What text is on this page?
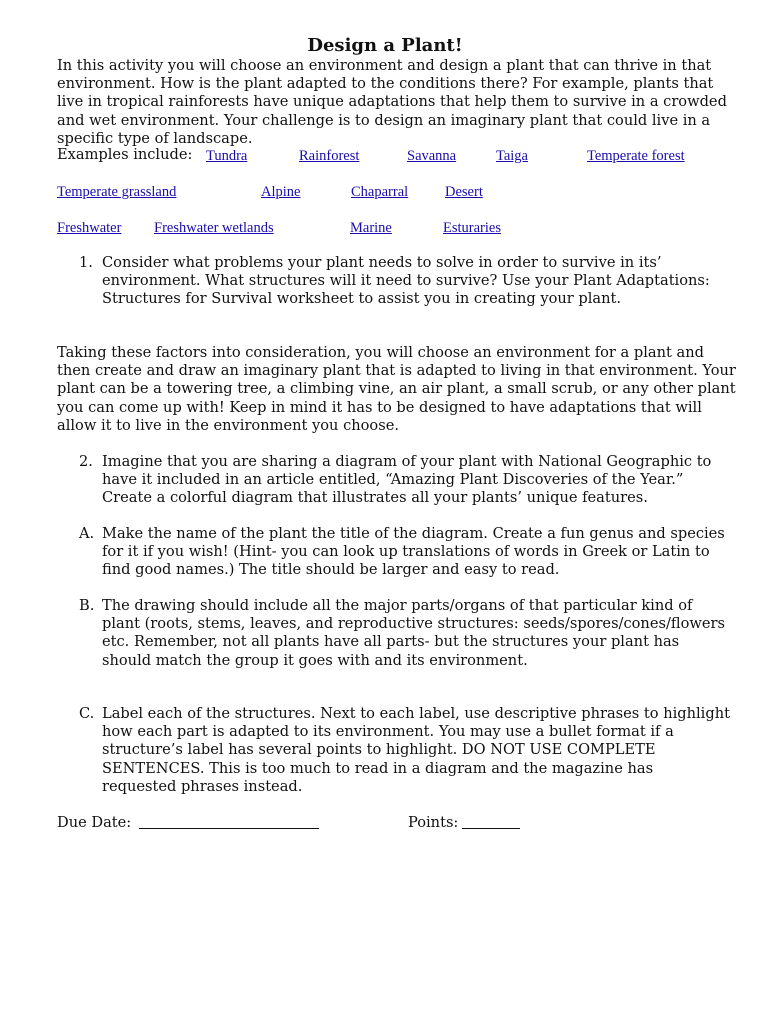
Design a Plant!

In this activity you will choose an environment and design a plant that can thrive in that environment. How is the plant adapted to the conditions there? For example, plants that live in tropical rainforests have unique adaptations that help them to survive in a crowded and wet environment. Your challenge is to design an imaginary plant that could live in a specific type of landscape.

Examples include: Tundra	Rainforest	Savanna	Taiga	Temperate forest
Temperate grassland	Alpine	Chaparral	Desert
Freshwater Freshwater wetlands	Marine	Esturaries
1. Consider what problems your plant needs to solve in order to survive in its’ environment. What structures will it need to survive? Use your Plant Adaptations: Structures for Survival worksheet to assist you in creating your plant.

Taking these factors into consideration, you will choose an environment for a plant and then create and draw an imaginary plant that is adapted to living in that environment. Your plant can be a towering tree, a climbing vine, an air plant, a small scrub, or any other plant you can come up with! Keep in mind it has to be designed to have adaptations that will allow it to live in the environment you choose.

2. Imagine that you are sharing a diagram of your plant with National Geographic to have it included in an article entitled, “Amazing Plant Discoveries of the Year.” Create a colorful diagram that illustrates all your plants’ unique features.
A. Make the name of the plant the title of the diagram. Create a fun genus and species for it if you wish! (Hint- you can look up translations of words in Greek or Latin to find good names.) The title should be larger and easy to read.
B. The drawing should include all the major parts/organs of that particular kind of plant (roots, stems, leaves, and reproductive structures: seeds/spores/cones/flowers etc. Remember, not all plants have all parts- but the structures your plant has should match the group it goes with and its environment.
C. Label each of the structures. Next to each label, use descriptive phrases to highlight how each part is adapted to its environment. You may use a bullet format if a structure’s label has several points to highlight. DO NOT USE COMPLETE SENTENCES. This is too much to read in a diagram and the magazine has requested phrases instead.
Due Date:	Points:
